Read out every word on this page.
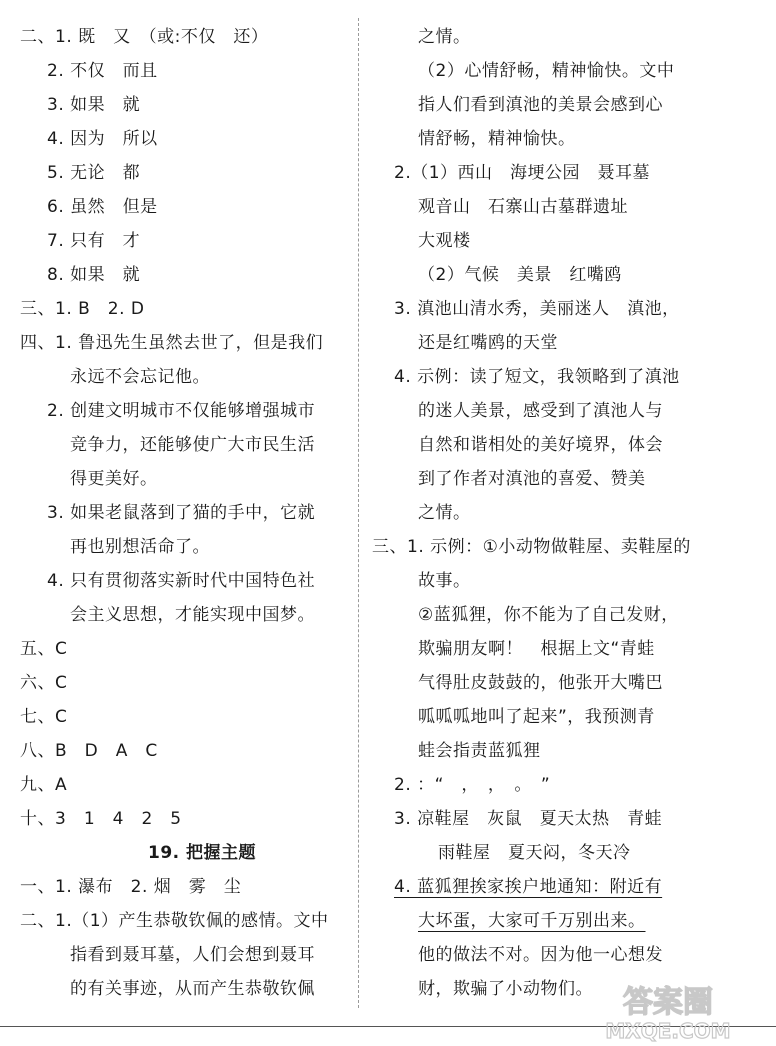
二、1. 既　又　（或:不仅　还）
2. 不仅　而且
3. 如果　就
4. 因为　所以
5. 无论　都
6. 虽然　但是
7. 只有　才
8. 如果　就
三、1. B　2. D
四、1. 鲁迅先生虽然去世了，但是我们
永远不会忘记他。
2. 创建文明城市不仅能够增强城市
竞争力，还能够使广大市民生活
得更美好。
3. 如果老鼠落到了猫的手中，它就
再也别想活命了。
4. 只有贯彻落实新时代中国特色社
会主义思想，才能实现中国梦。
五、C
六、C
七、C
八、B　D　A　C
九、A
十、3　1　4　2　5
19. 把握主题
一、1. 瀑布　2. 烟　雾　尘
二、1.（1）产生恭敬钦佩的感情。文中
指看到聂耳墓，人们会想到聂耳
的有关事迹，从而产生恭敬钦佩
之情。
（2）心情舒畅，精神愉快。文中
指人们看到滇池的美景会感到心
情舒畅，精神愉快。
2.（1）西山　海埂公园　聂耳墓
观音山　石寨山古墓群遗址
大观楼
（2）气候　美景　红嘴鸥
3. 滇池山清水秀，美丽迷人　滇池，
还是红嘴鸥的天堂
4. 示例：读了短文，我领略到了滇池
的迷人美景，感受到了滇池人与
自然和谐相处的美好境界，体会
到了作者对滇池的喜爱、赞美
之情。
三、1. 示例：①小动物做鞋屋、卖鞋屋的
故事。
②蓝狐狸，你不能为了自己发财，
欺骗朋友啊！　根据上文“青蛙
气得肚皮鼓鼓的，他张开大嘴巴
呱呱呱地叫了起来”，我预测青
蛙会指责蓝狐狸
2. ：“　，　，　。　”
3. 凉鞋屋　灰鼠　夏天太热　青蛙
雨鞋屋　夏天闷，冬天冷
4. 蓝狐狸挨家挨户地通知：附近有
大坏蛋，大家可千万别出来。
他的做法不对。因为他一心想发
财，欺骗了小动物们。 答案圈
MXQE.COM
